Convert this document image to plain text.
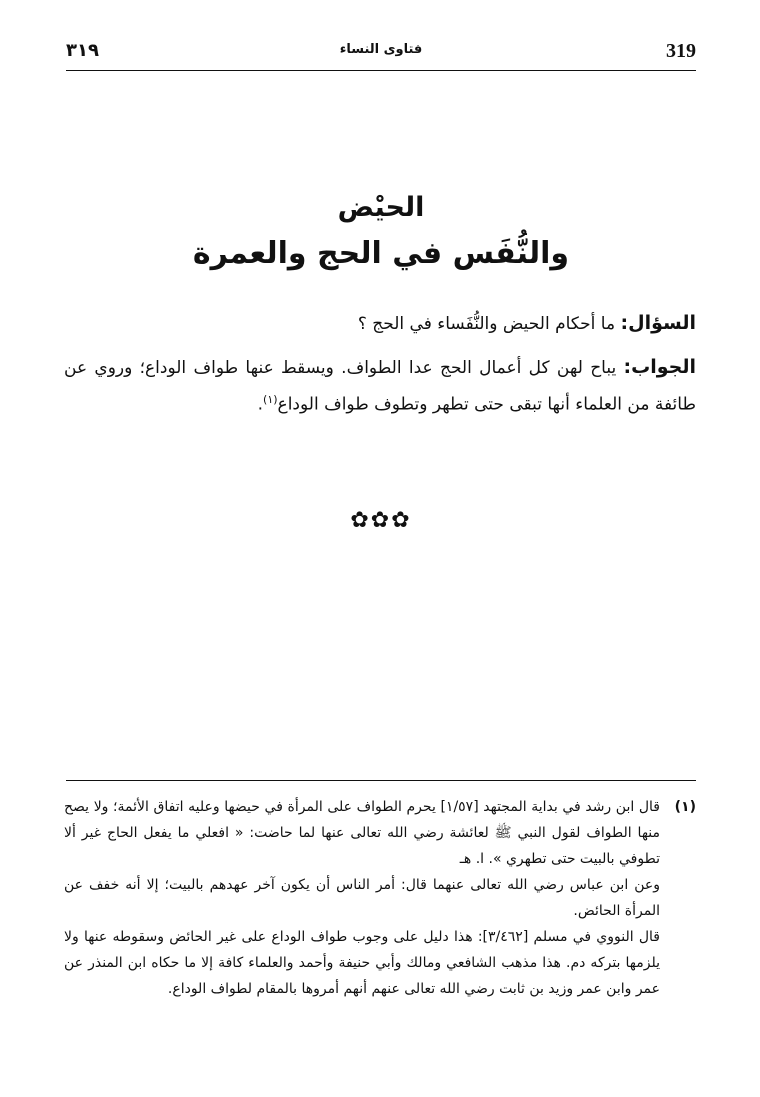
٣١٩	فتاوى النساء	319
الحيْض
والنُّفَس في الحج والعمرة
السؤال: ما أحكام الحيض والنُّفَساء في الحج ؟
الجواب: يباح لهن كل أعمال الحج عدا الطواف. ويسقط عنها طواف الوداع؛ وروي عن طائفة من العلماء أنها تبقى حتى تطهر وتطوف طواف الوداع$^{(١)}$.
✿✿✿
(١)

قال ابن رشد في بداية المجتهد [١/٥٧] يحرم الطواف على المرأة في حيضها وعليه اتفاق الأئمة؛ ولا يصح منها الطواف لقول النبي ﷺ لعائشة رضي الله تعالى عنها لما حاضت: « افعلي ما يفعل الحاج غير ألا تطوفي بالبيت حتى تطهري ». ا. هـ

وعن ابن عباس رضي الله تعالى عنهما قال: أمر الناس أن يكون آخر عهدهم بالبيت؛ إلا أنه خفف عن المرأة الحائض.

قال النووي في مسلم [٣/٤٦٢]: هذا دليل على وجوب طواف الوداع على غير الحائض وسقوطه عنها ولا يلزمها بتركه دم. هذا مذهب الشافعي ومالك وأبي حنيفة وأحمد والعلماء كافة إلا ما حكاه ابن المنذر عن عمر وابن عمر وزيد بن ثابت رضي الله تعالى عنهم أنهم أمروها بالمقام لطواف الوداع.
